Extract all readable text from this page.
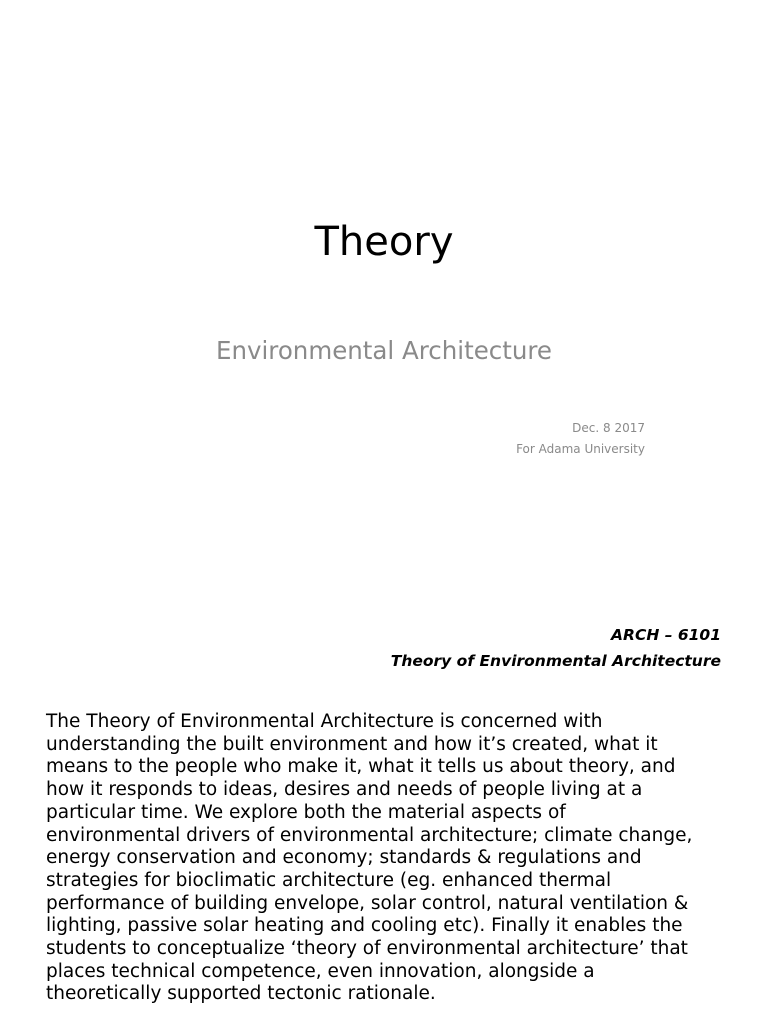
Theory
Environmental Architecture
Dec. 8 2017
For Adama University
ARCH – 6101
Theory of Environmental Architecture

The Theory of Environmental Architecture is concerned with
understanding the built environment and how it’s created, what it
means to the people who make it, what it tells us about theory, and
how it responds to ideas, desires and needs of people living at a
particular time. We explore both the material aspects of
environmental drivers of environmental architecture; climate change,
energy conservation and economy; standards & regulations and
strategies for bioclimatic architecture (eg. enhanced thermal
performance of building envelope, solar control, natural ventilation &
lighting, passive solar heating and cooling etc). Finally it enables the
students to conceptualize ‘theory of environmental architecture’ that
places technical competence, even innovation, alongside a
theoretically supported tectonic rationale.
